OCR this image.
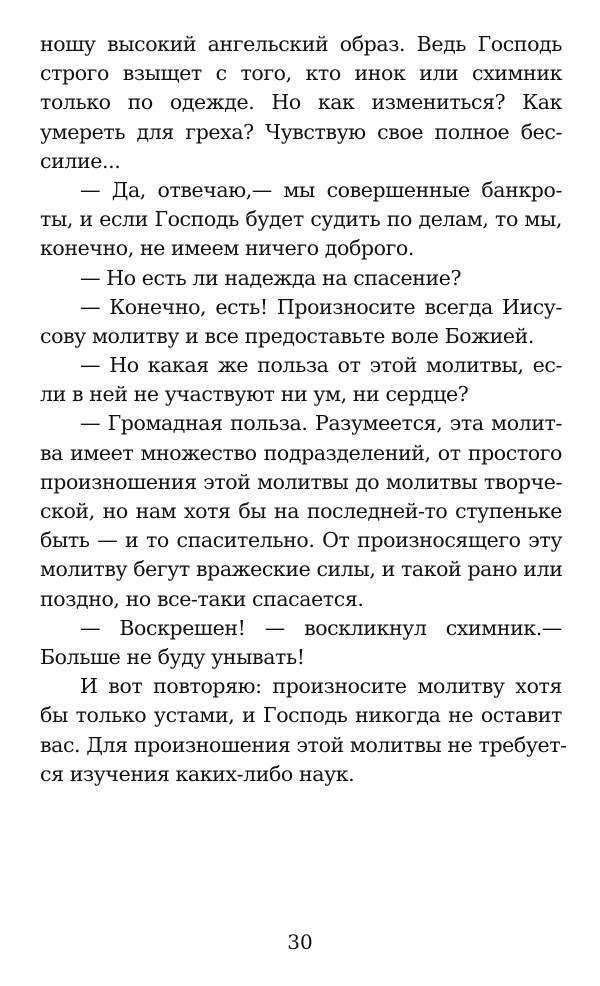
ношу высокий ангельский образ. Ведь Господь
строго взыщет с того, кто инок или схимник
только по одежде. Но как измениться? Как
умереть для греха? Чувствую свое полное бес-
силие...
— Да, отвечаю,— мы совершенные банкро-
ты, и если Господь будет судить по делам, то мы,
конечно, не имеем ничего доброго.
— Но есть ли надежда на спасение?
— Конечно, есть! Произносите всегда Иису-
сову молитву и все предоставьте воле Божией.
— Но какая же польза от этой молитвы, ес-
ли в ней не участвуют ни ум, ни сердце?
— Громадная польза. Разумеется, эта молит-
ва имеет множество подразделений, от простого
произношения этой молитвы до молитвы творче-
ской, но нам хотя бы на последней-то ступеньке
быть — и то спасительно. От произносящего эту
молитву бегут вражеские силы, и такой рано или
поздно, но все-таки спасается.
— Воскрешен! — воскликнул схимник.—
Больше не буду унывать!
И вот повторяю: произносите молитву хотя
бы только устами, и Господь никогда не оставит
вас. Для произношения этой молитвы не требует-
ся изучения каких-либо наук.
30
